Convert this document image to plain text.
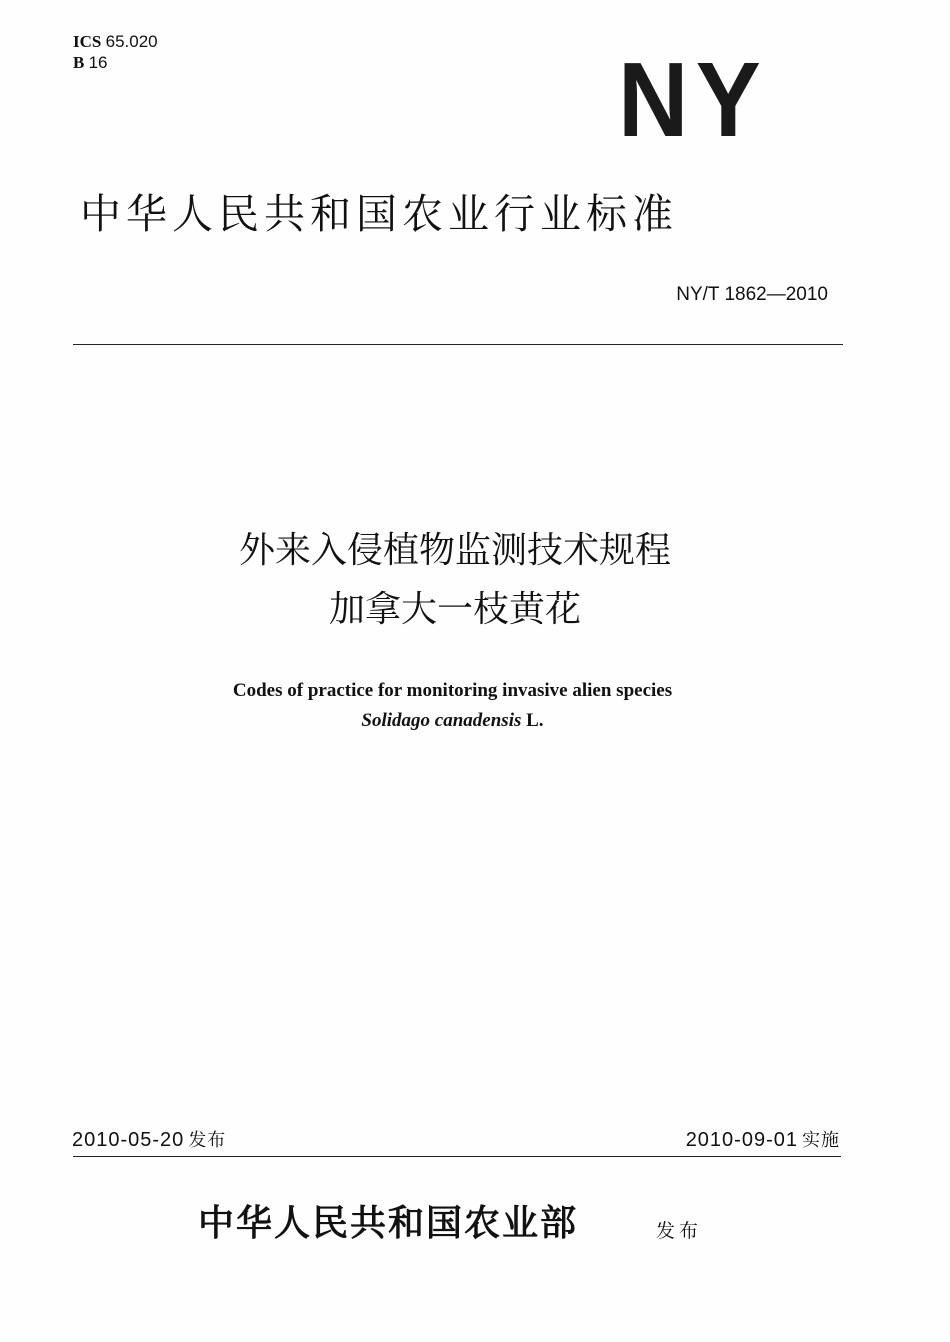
ICS 65.020
B 16	NY
中华人民共和国农业行业标准
NY/T 1862—2010
外来入侵植物监测技术规程
加拿大一枝黄花
Codes of practice for monitoring invasive alien species
Solidago canadensis L.
2010-05-20 发布	2010-09-01 实施
中华人民共和国农业部	发布
